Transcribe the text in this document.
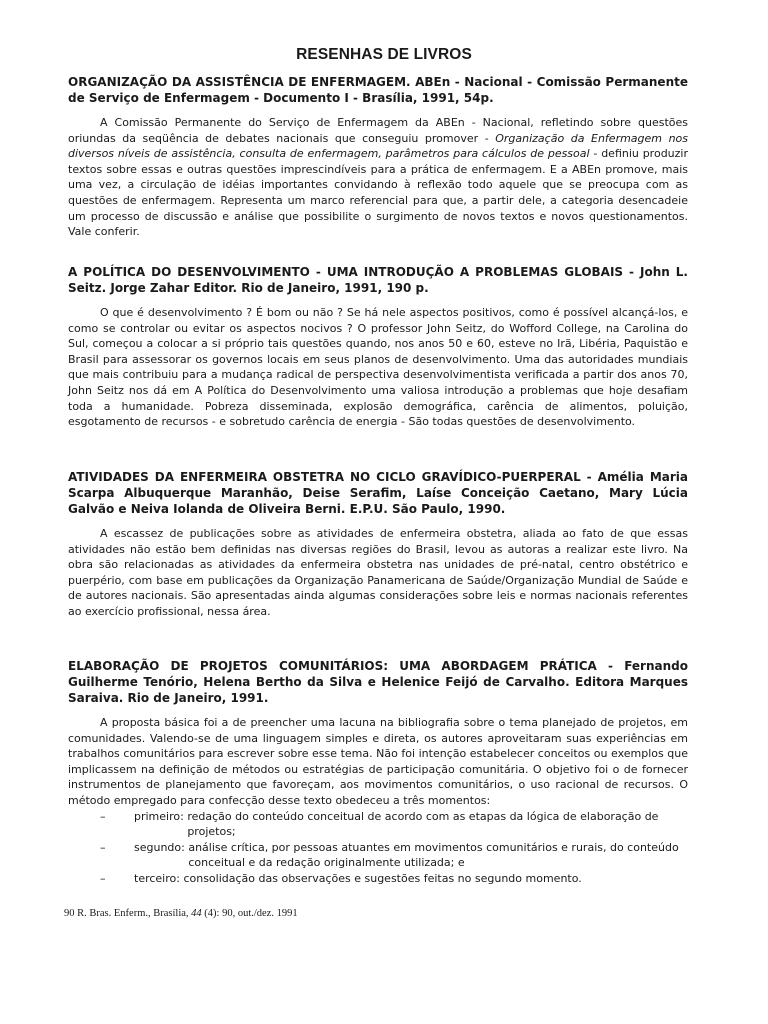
RESENHAS DE LIVROS
ORGANIZAÇÃO DA ASSISTÊNCIA DE ENFERMAGEM. ABEn - Nacional - Comissão Permanente de Serviço de Enfermagem - Documento I - Brasília, 1991, 54p.

A Comissão Permanente do Serviço de Enfermagem da ABEn - Nacional, refletindo sobre questões oriundas da seqüência de debates nacionais que conseguiu promover - Organização da Enfermagem nos diversos níveis de assistência, consulta de enfermagem, parâmetros para cálculos de pessoal - definiu produzir textos sobre essas e outras questões imprescindíveis para a prática de enfermagem. E a ABEn promove, mais uma vez, a circulação de idéias importantes convidando à reflexão todo aquele que se preocupa com as questões de enfermagem. Representa um marco referencial para que, a partir dele, a categoria desencadeie um processo de discussão e análise que possibilite o surgimento de novos textos e novos questionamentos. Vale conferir.

A POLÍTICA DO DESENVOLVIMENTO - UMA INTRODUÇÃO A PROBLEMAS GLOBAIS - John L. Seitz. Jorge Zahar Editor. Rio de Janeiro, 1991, 190 p.

O que é desenvolvimento ? É bom ou não ? Se há nele aspectos positivos, como é possível alcançá-los, e como se controlar ou evitar os aspectos nocivos ? O professor John Seitz, do Wofford College, na Carolina do Sul, começou a colocar a si próprio tais questões quando, nos anos 50 e 60, esteve no Irã, Libéria, Paquistão e Brasil para assessorar os governos locais em seus planos de desenvolvimento. Uma das autoridades mundiais que mais contribuiu para a mudança radical de perspectiva desenvolvimentista verificada a partir dos anos 70, John Seitz nos dá em A Política do Desenvolvimento uma valiosa introdução a problemas que hoje desafiam toda a humanidade. Pobreza disseminada, explosão demográfica, carência de alimentos, poluição, esgotamento de recursos - e sobretudo carência de energia - São todas questões de desenvolvimento.

ATIVIDADES DA ENFERMEIRA OBSTETRA NO CICLO GRAVÍDICO-PUERPERAL - Amélia Maria Scarpa Albuquerque Maranhão, Deise Serafim, Laíse Conceição Caetano, Mary Lúcia Galvão e Neiva Iolanda de Oliveira Berni. E.P.U. São Paulo, 1990.

A escassez de publicações sobre as atividades de enfermeira obstetra, aliada ao fato de que essas atividades não estão bem definidas nas diversas regiões do Brasil, levou as autoras a realizar este livro. Na obra são relacionadas as atividades da enfermeira obstetra nas unidades de pré-natal, centro obstétrico e puerpério, com base em publicações da Organização Panamericana de Saúde/Organização Mundial de Saúde e de autores nacionais. São apresentadas ainda algumas considerações sobre leis e normas nacionais referentes ao exercício profissional, nessa área.

ELABORAÇÃO DE PROJETOS COMUNITÁRIOS: UMA ABORDAGEM PRÁTICA - Fernando Guilherme Tenório, Helena Bertho da Silva e Helenice Feijó de Carvalho. Editora Marques Saraiva. Rio de Janeiro, 1991.

A proposta básica foi a de preencher uma lacuna na bibliografia sobre o tema planejado de projetos, em comunidades. Valendo-se de uma linguagem simples e direta, os autores aproveitaram suas experiências em trabalhos comunitários para escrever sobre esse tema. Não foi intenção estabelecer conceitos ou exemplos que implicassem na definição de métodos ou estratégias de participação comunitária. O objetivo foi o de fornecer instrumentos de planejamento que favoreçam, aos movimentos comunitários, o uso racional de recursos. O método empregado para confecção desse texto obedeceu a três momentos:

–	primeiro: redação do conteúdo conceitual de acordo com as etapas da lógica de elaboração de projetos;
–	segundo: análise crítica, por pessoas atuantes em movimentos comunitários e rurais, do conteúdo conceitual e da redação originalmente utilizada; e
–	terceiro: consolidação das observações e sugestões feitas no segundo momento.

90 R. Bras. Enferm., Brasília, 44 (4): 90, out./dez. 1991
